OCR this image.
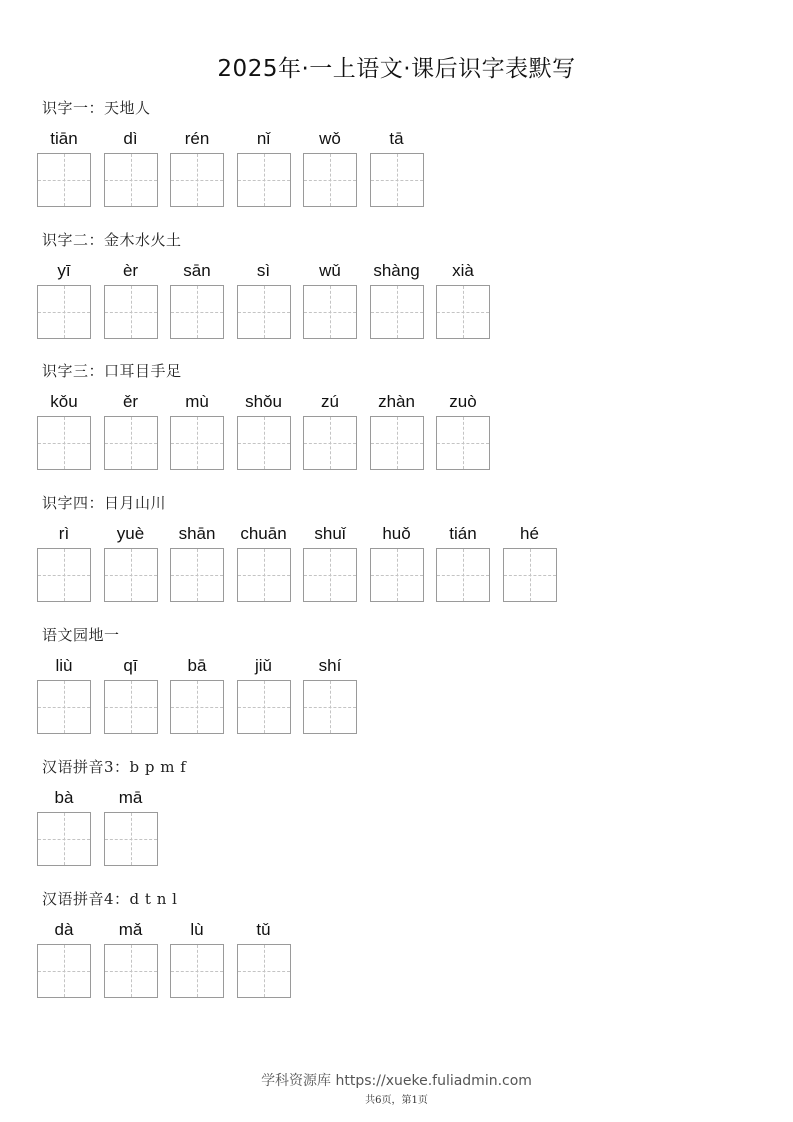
2025年·一上语文·课后识字表默写
识字一：天地人
tiān	dì	rén	nǐ	wǒ	tā
识字二：金木水火土
yī	èr	sān	sì	wǔ	shàng	xià
识字三：口耳目手足
kǒu	ěr	mù	shǒu	zú	zhàn	zuò
识字四：日月山川
rì	yuè	shān	chuān	shuǐ	huǒ	tián	hé
语文园地一
liù	qī	bā	jiǔ	shí
汉语拼音3：b p m f
bà	mā
汉语拼音4：d t n l
dà	mǎ	lù	tǔ
学科资源库 https://xueke.fuliadmin.com
共6页，第1页
